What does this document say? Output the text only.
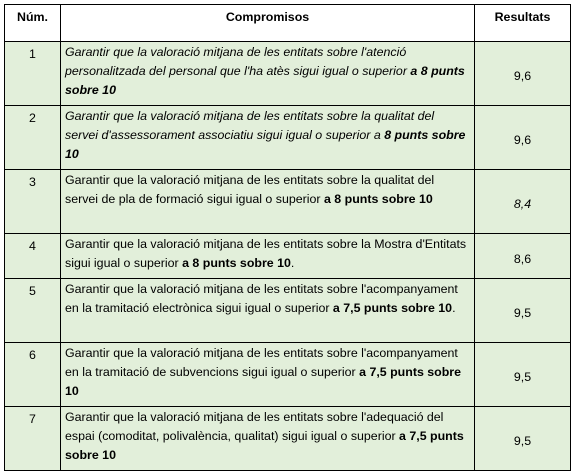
Núm.	Compromisos	Resultats
1	Garantir que la valoració mitjana de les entitats sobre l'atenció personalitzada del personal que l'ha atès sigui igual o superior a 8 punts sobre 10	9,6
2	Garantir que la valoració mitjana de les entitats sobre la qualitat del servei d'assessorament associatiu sigui igual o superior a 8 punts sobre 10	9,6
3	Garantir que la valoració mitjana de les entitats sobre la qualitat del servei de pla de formació sigui igual o superior a 8 punts sobre 10	8,4
4	Garantir que la valoració mitjana de les entitats sobre la Mostra d'Entitats sigui igual o superior a 8 punts sobre 10.	8,6
5	Garantir que la valoració mitjana de les entitats sobre l'acompanyament en la tramitació electrònica sigui igual o superior a 7,5 punts sobre 10.	9,5
6	Garantir que la valoració mitjana de les entitats sobre l'acompanyament en la tramitació de subvencions sigui igual o superior a 7,5 punts sobre 10	9,5
7	Garantir que la valoració mitjana de les entitats sobre l'adequació del espai (comoditat, polivalència, qualitat) sigui igual o superior a 7,5 punts sobre 10	9,5
